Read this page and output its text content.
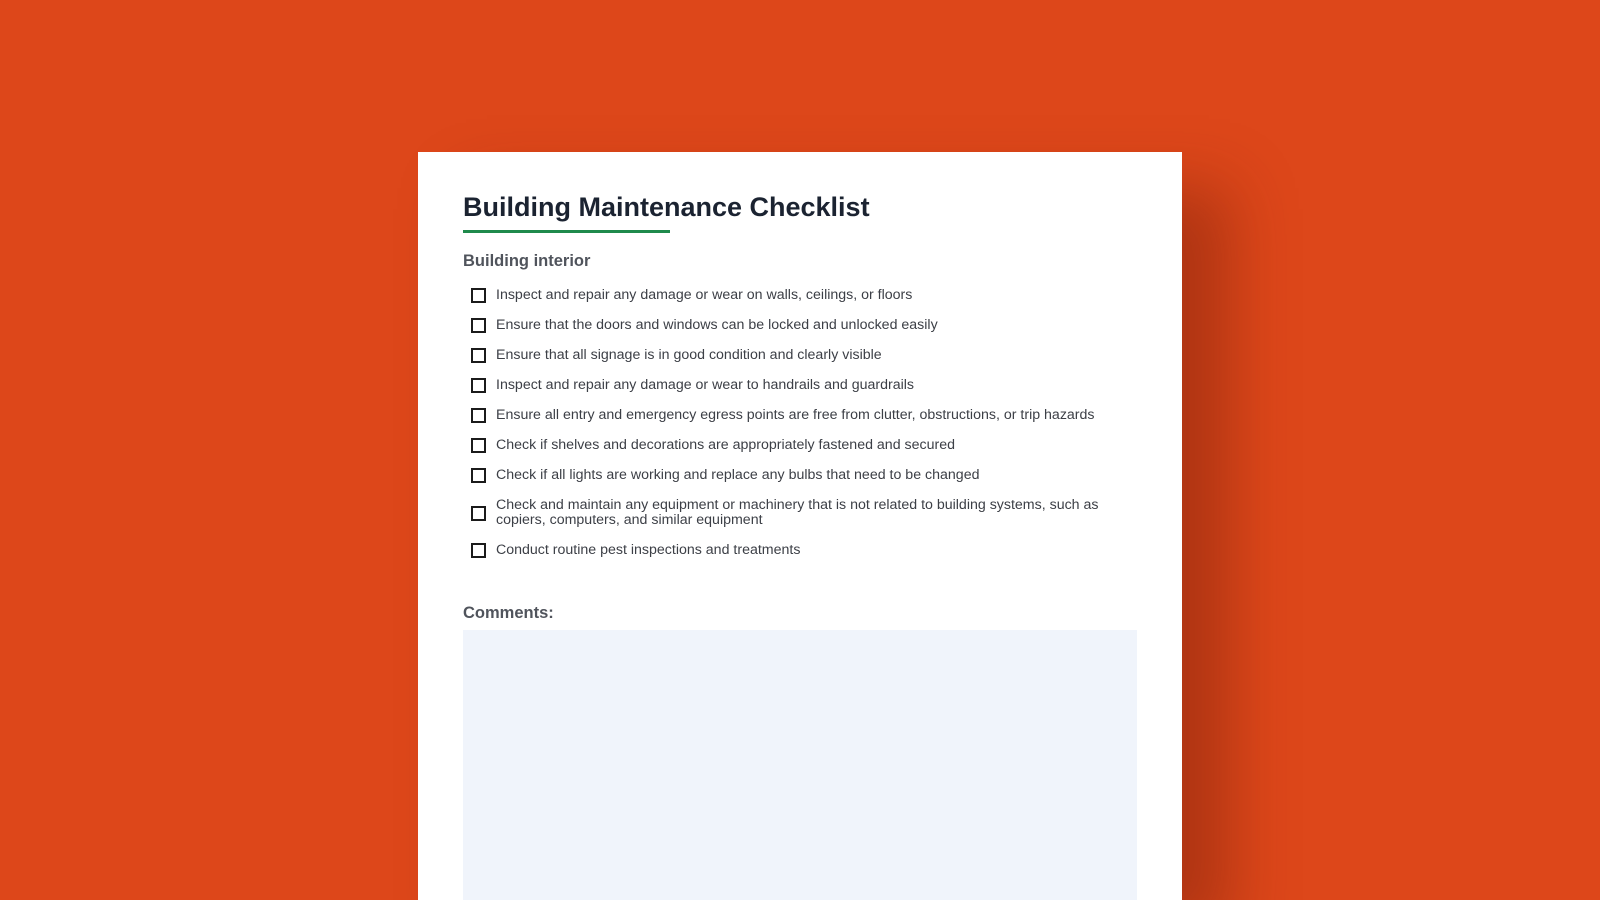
Building Maintenance Checklist
Building interior
Inspect and repair any damage or wear on walls, ceilings, or floors
Ensure that the doors and windows can be locked and unlocked easily
Ensure that all signage is in good condition and clearly visible
Inspect and repair any damage or wear to handrails and guardrails
Ensure all entry and emergency egress points are free from clutter, obstructions, or trip hazards
Check if shelves and decorations are appropriately fastened and secured
Check if all lights are working and replace any bulbs that need to be changed
Check and maintain any equipment or machinery that is not related to building systems, such as copiers, computers, and similar equipment
Conduct routine pest inspections and treatments
Comments:
